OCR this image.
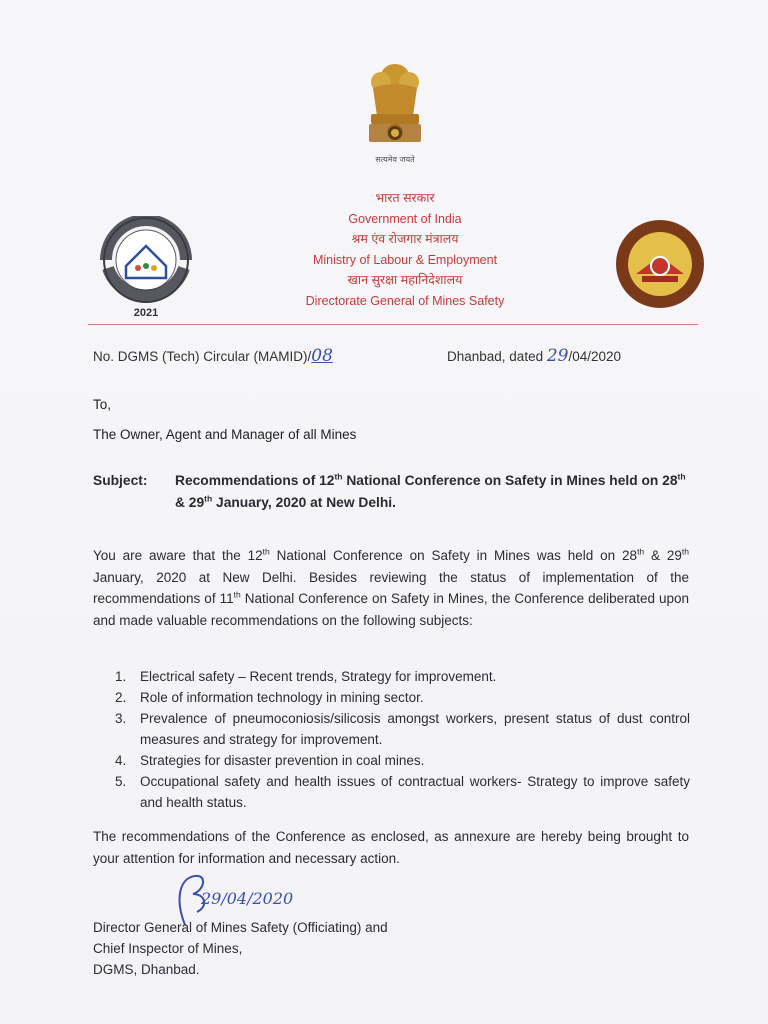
सत्यमेव जयते
2021
भारत सरकार
Government of India
श्रम एंव रोजगार मंत्रालय
Ministry of Labour & Employment
खान सुरक्षा महानिदेशालय
Directorate General of Mines Safety
No. DGMS (Tech) Circular (MAMID)/08	Dhanbad, dated 29/04/2020
To,
The Owner, Agent and Manager of all Mines
Subject: Recommendations of 12th National Conference on Safety in Mines held on 28th & 29th January, 2020 at New Delhi.
You are aware that the 12th National Conference on Safety in Mines was held on 28th & 29th January, 2020 at New Delhi. Besides reviewing the status of implementation of the recommendations of 11th National Conference on Safety in Mines, the Conference deliberated upon and made valuable recommendations on the following subjects:
1. Electrical safety – Recent trends, Strategy for improvement.
2. Role of information technology in mining sector.
3. Prevalence of pneumoconiosis/silicosis amongst workers, present status of dust control measures and strategy for improvement.
4. Strategies for disaster prevention in coal mines.
5. Occupational safety and health issues of contractual workers- Strategy to improve safety and health status.
The recommendations of the Conference as enclosed, as annexure are hereby being brought to your attention for information and necessary action.
29/04/2020
Director General of Mines Safety (Officiating) and
Chief Inspector of Mines,
DGMS, Dhanbad.
